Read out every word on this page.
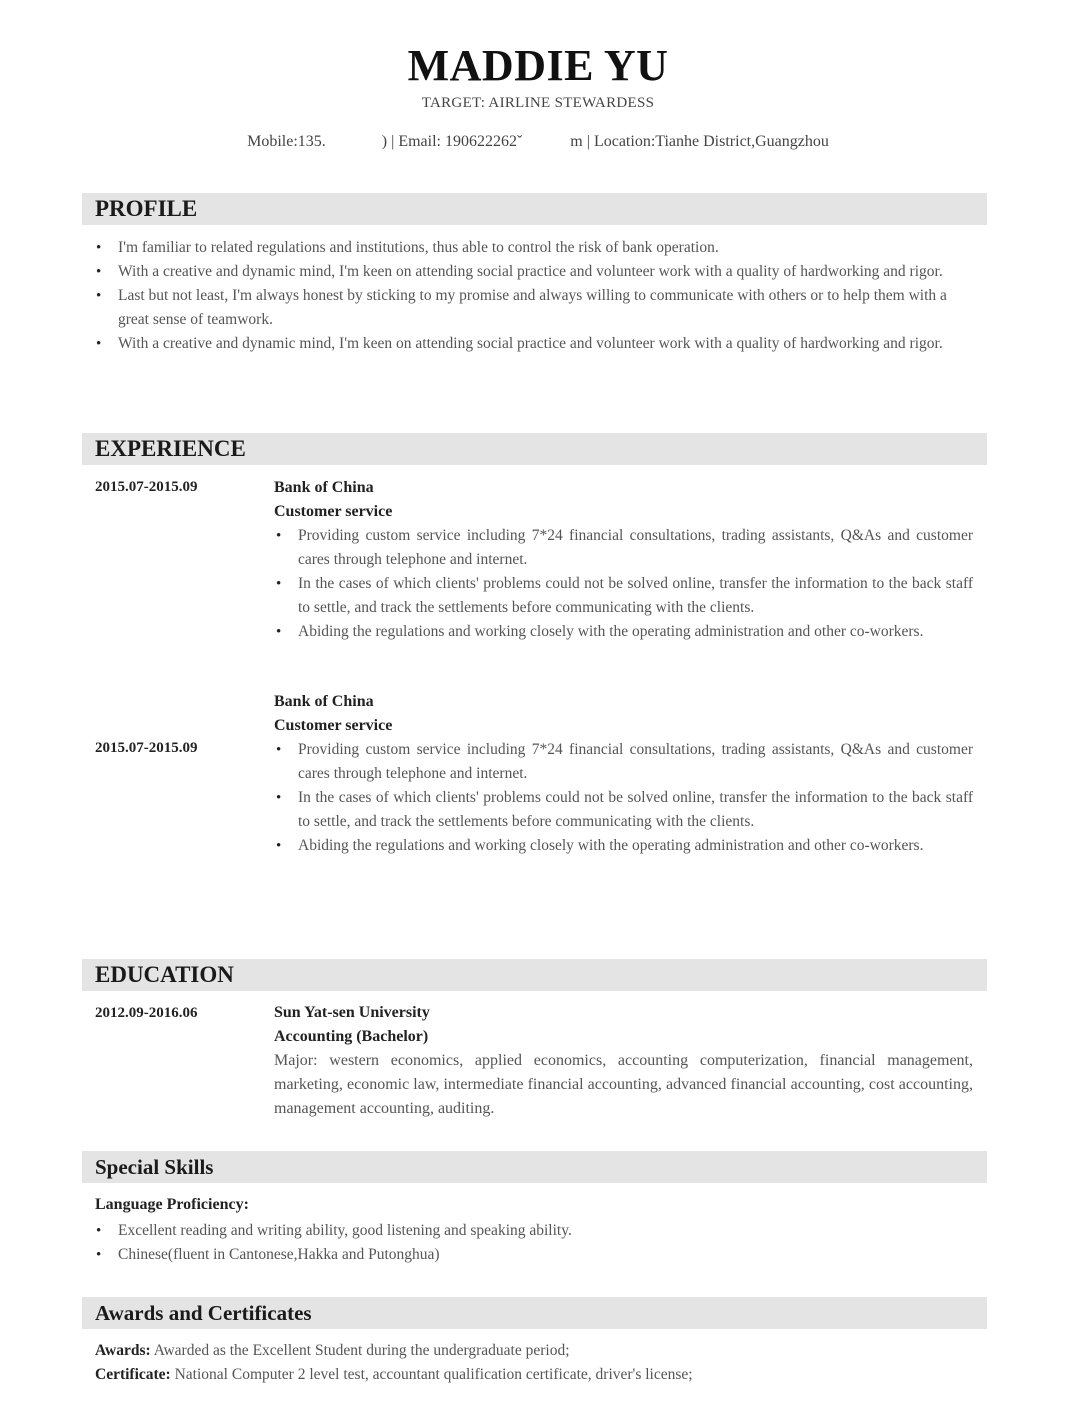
MADDIE YU
TARGET: AIRLINE STEWARDESS
Mobile:135.              ) | Email: 190622262ˇ            m | Location:Tianhe District,Guangzhou
PROFILE
• I'm familiar to related regulations and institutions, thus able to control the risk of bank operation.
• With a creative and dynamic mind, I'm keen on attending social practice and volunteer work with a quality of hardworking and rigor.
• Last but not least, I'm always honest by sticking to my promise and always willing to communicate with others or to help them with a great sense of teamwork.
• With a creative and dynamic mind, I'm keen on attending social practice and volunteer work with a quality of hardworking and rigor.
EXPERIENCE
2015.07-2015.09	Bank of China
Customer service
• Providing custom service including 7*24 financial consultations, trading assistants, Q&As and customer cares through telephone and internet.
• In the cases of which clients' problems could not be solved online, transfer the information to the back staff to settle, and track the settlements before communicating with the clients.
• Abiding the regulations and working closely with the operating administration and other co-workers.
2015.07-2015.09
Bank of China
Customer service
• Providing custom service including 7*24 financial consultations, trading assistants, Q&As and customer cares through telephone and internet.
• In the cases of which clients' problems could not be solved online, transfer the information to the back staff to settle, and track the settlements before communicating with the clients.
• Abiding the regulations and working closely with the operating administration and other co-workers.
EDUCATION
2012.09-2016.06	Sun Yat-sen University
Accounting (Bachelor)
Major: western economics, applied economics, accounting computerization, financial management, marketing, economic law, intermediate financial accounting, advanced financial accounting, cost accounting, management accounting, auditing.
Special Skills
Language Proficiency:
• Excellent reading and writing ability, good listening and speaking ability.
• Chinese(fluent in Cantonese,Hakka and Putonghua)
Awards and Certificates
Awards: Awarded as the Excellent Student during the undergraduate period;
Certificate: National Computer 2 level test, accountant qualification certificate, driver's license;
